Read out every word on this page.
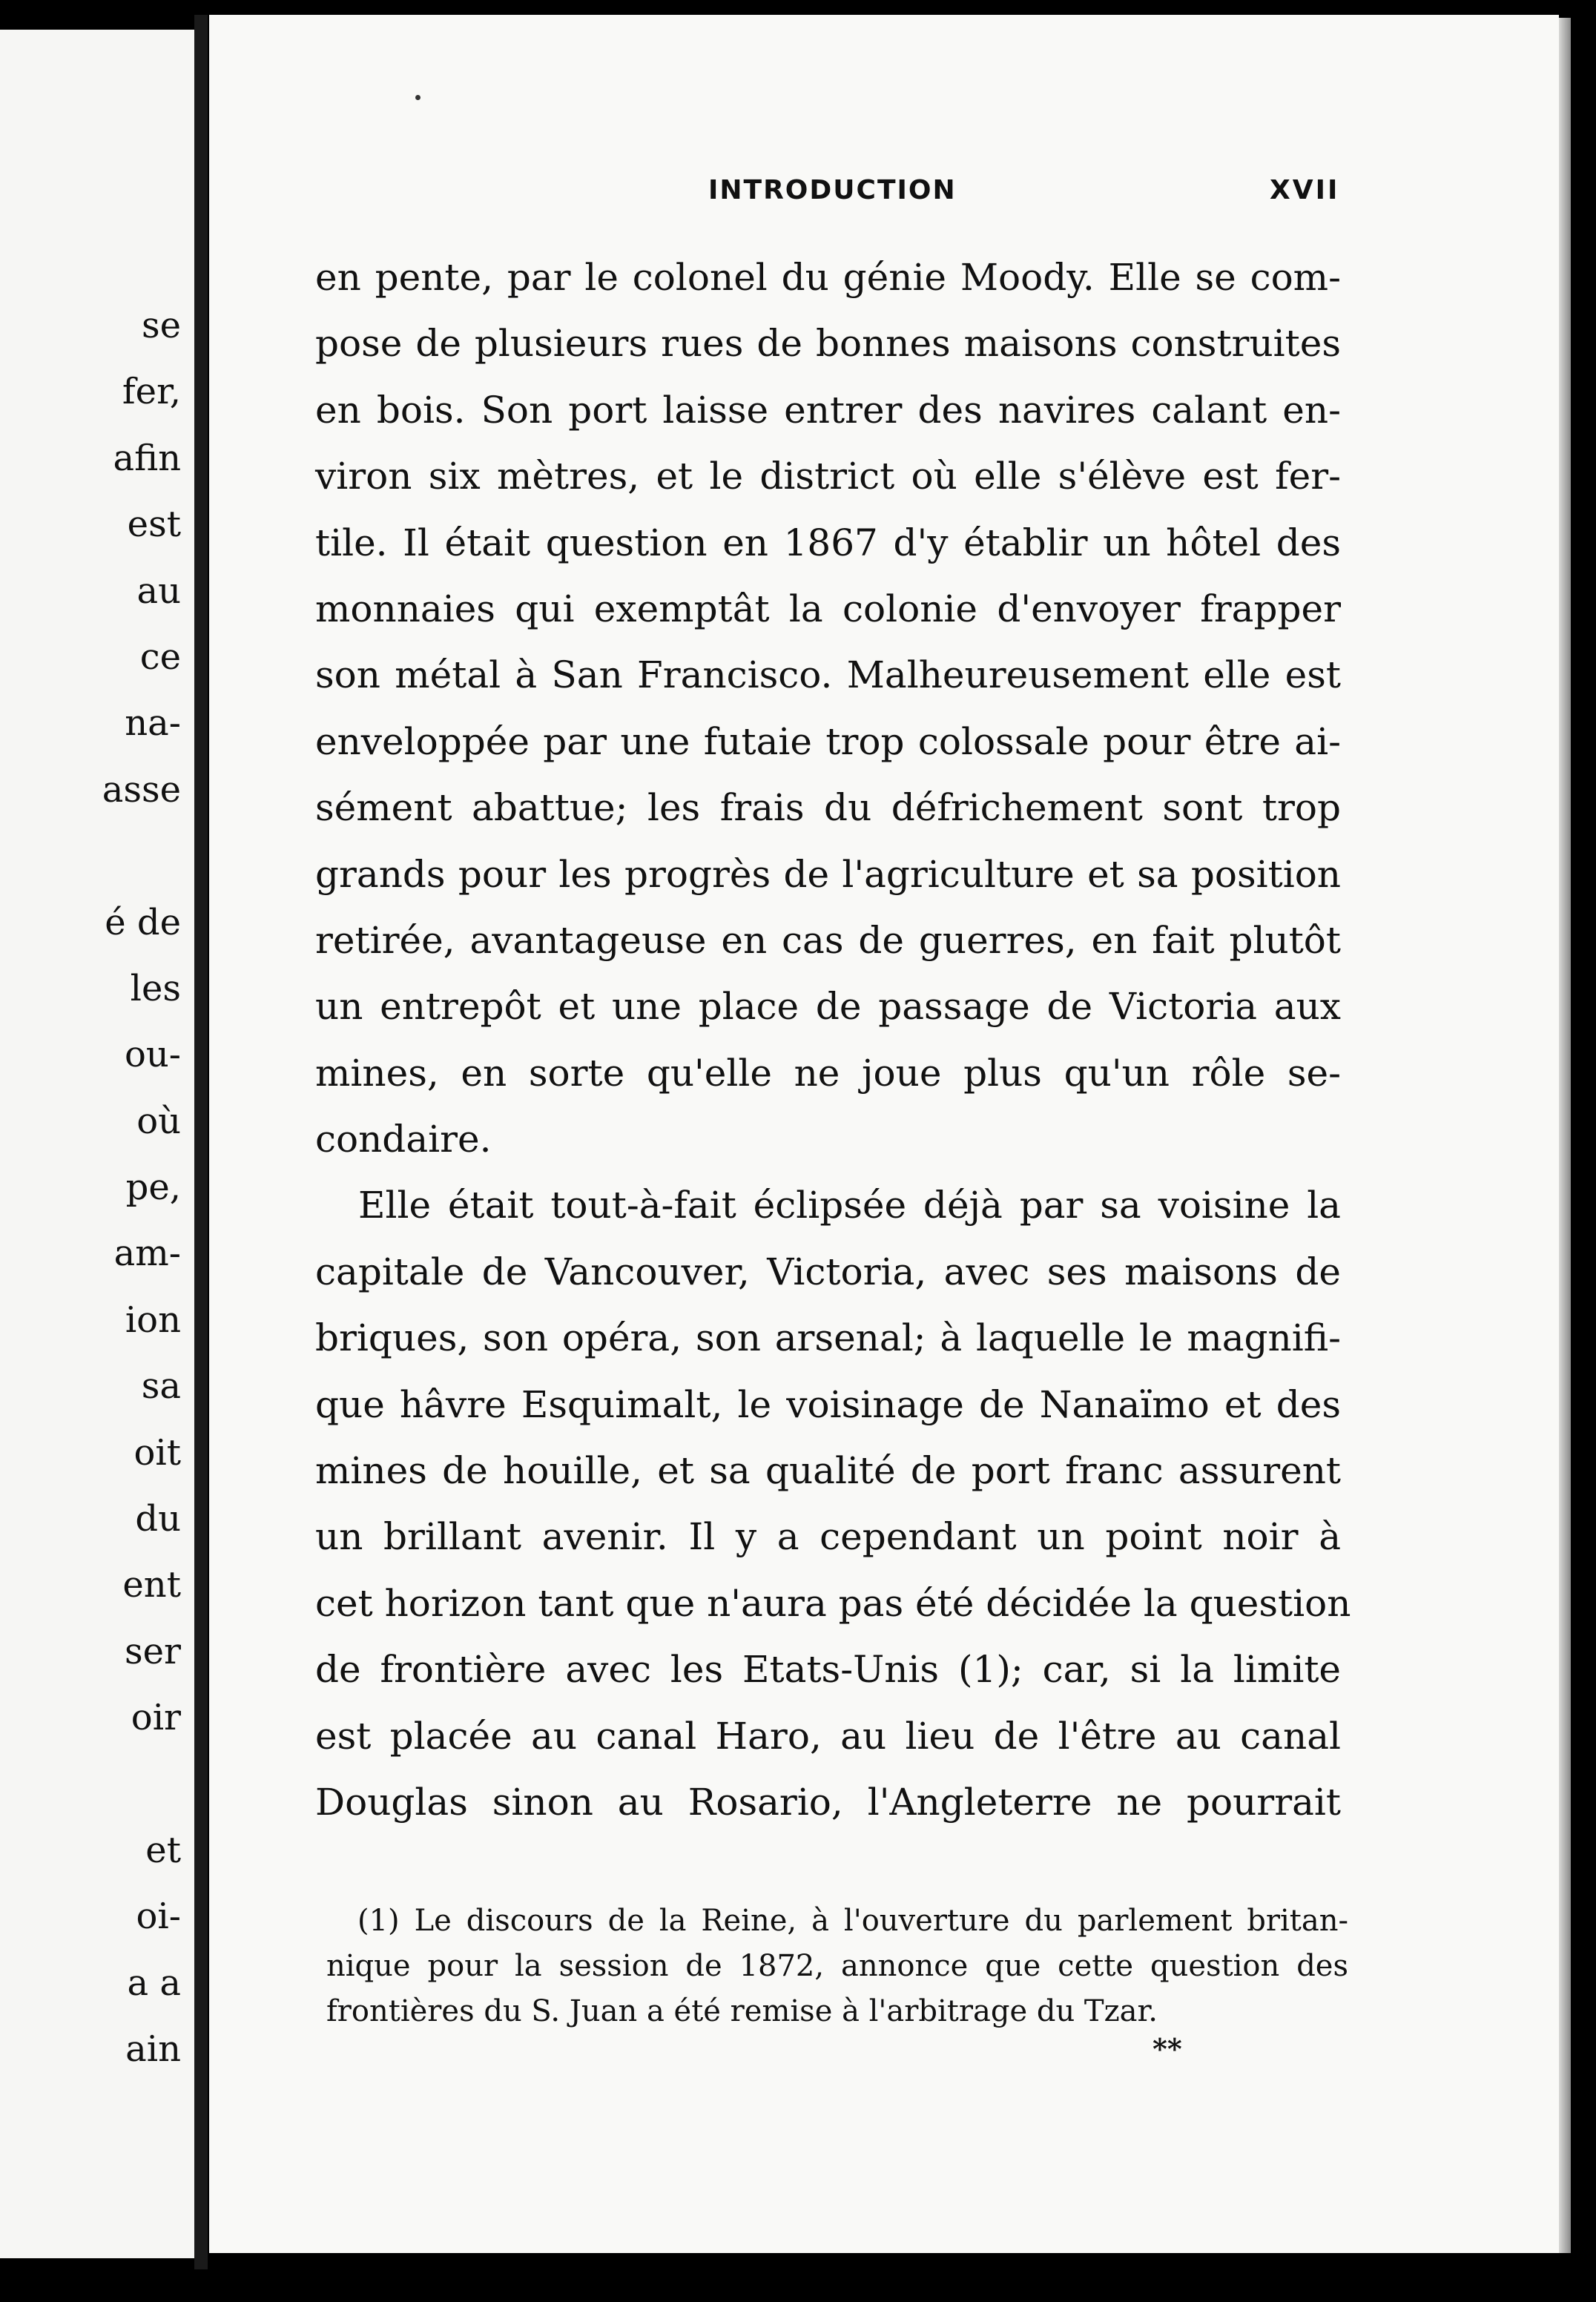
se
fer,
afin
est
au
ce
na-
asse
é de
les
ou-
où
pe,
am-
ion
sa
oit
du
ent
ser
oir
et
oi-
a a
ain
INTRODUCTION	XVII
en pente, par le colonel du génie Moody. Elle se com-
pose de plusieurs rues de bonnes maisons construites
en bois. Son port laisse entrer des navires calant en-
viron six mètres, et le district où elle s'élève est fer-
tile. Il était question en 1867 d'y établir un hôtel des
monnaies qui exemptât la colonie d'envoyer frapper
son métal à San Francisco. Malheureusement elle est
enveloppée par une futaie trop colossale pour être ai-
sément abattue; les frais du défrichement sont trop
grands pour les progrès de l'agriculture et sa position
retirée, avantageuse en cas de guerres, en fait plutôt
un entrepôt et une place de passage de Victoria aux
mines, en sorte qu'elle ne joue plus qu'un rôle se-
condaire.
Elle était tout-à-fait éclipsée déjà par sa voisine la
capitale de Vancouver, Victoria, avec ses maisons de
briques, son opéra, son arsenal; à laquelle le magnifi-
que hâvre Esquimalt, le voisinage de Nanaïmo et des
mines de houille, et sa qualité de port franc assurent
un brillant avenir. Il y a cependant un point noir à
cet horizon tant que n'aura pas été décidée la question
de frontière avec les Etats-Unis (1); car, si la limite
est placée au canal Haro, au lieu de l'être au canal
Douglas sinon au Rosario, l'Angleterre ne pourrait
(1) Le discours de la Reine, à l'ouverture du parlement britan-
nique pour la session de 1872, annonce que cette question des
frontières du S. Juan a été remise à l'arbitrage du Tzar.
**
